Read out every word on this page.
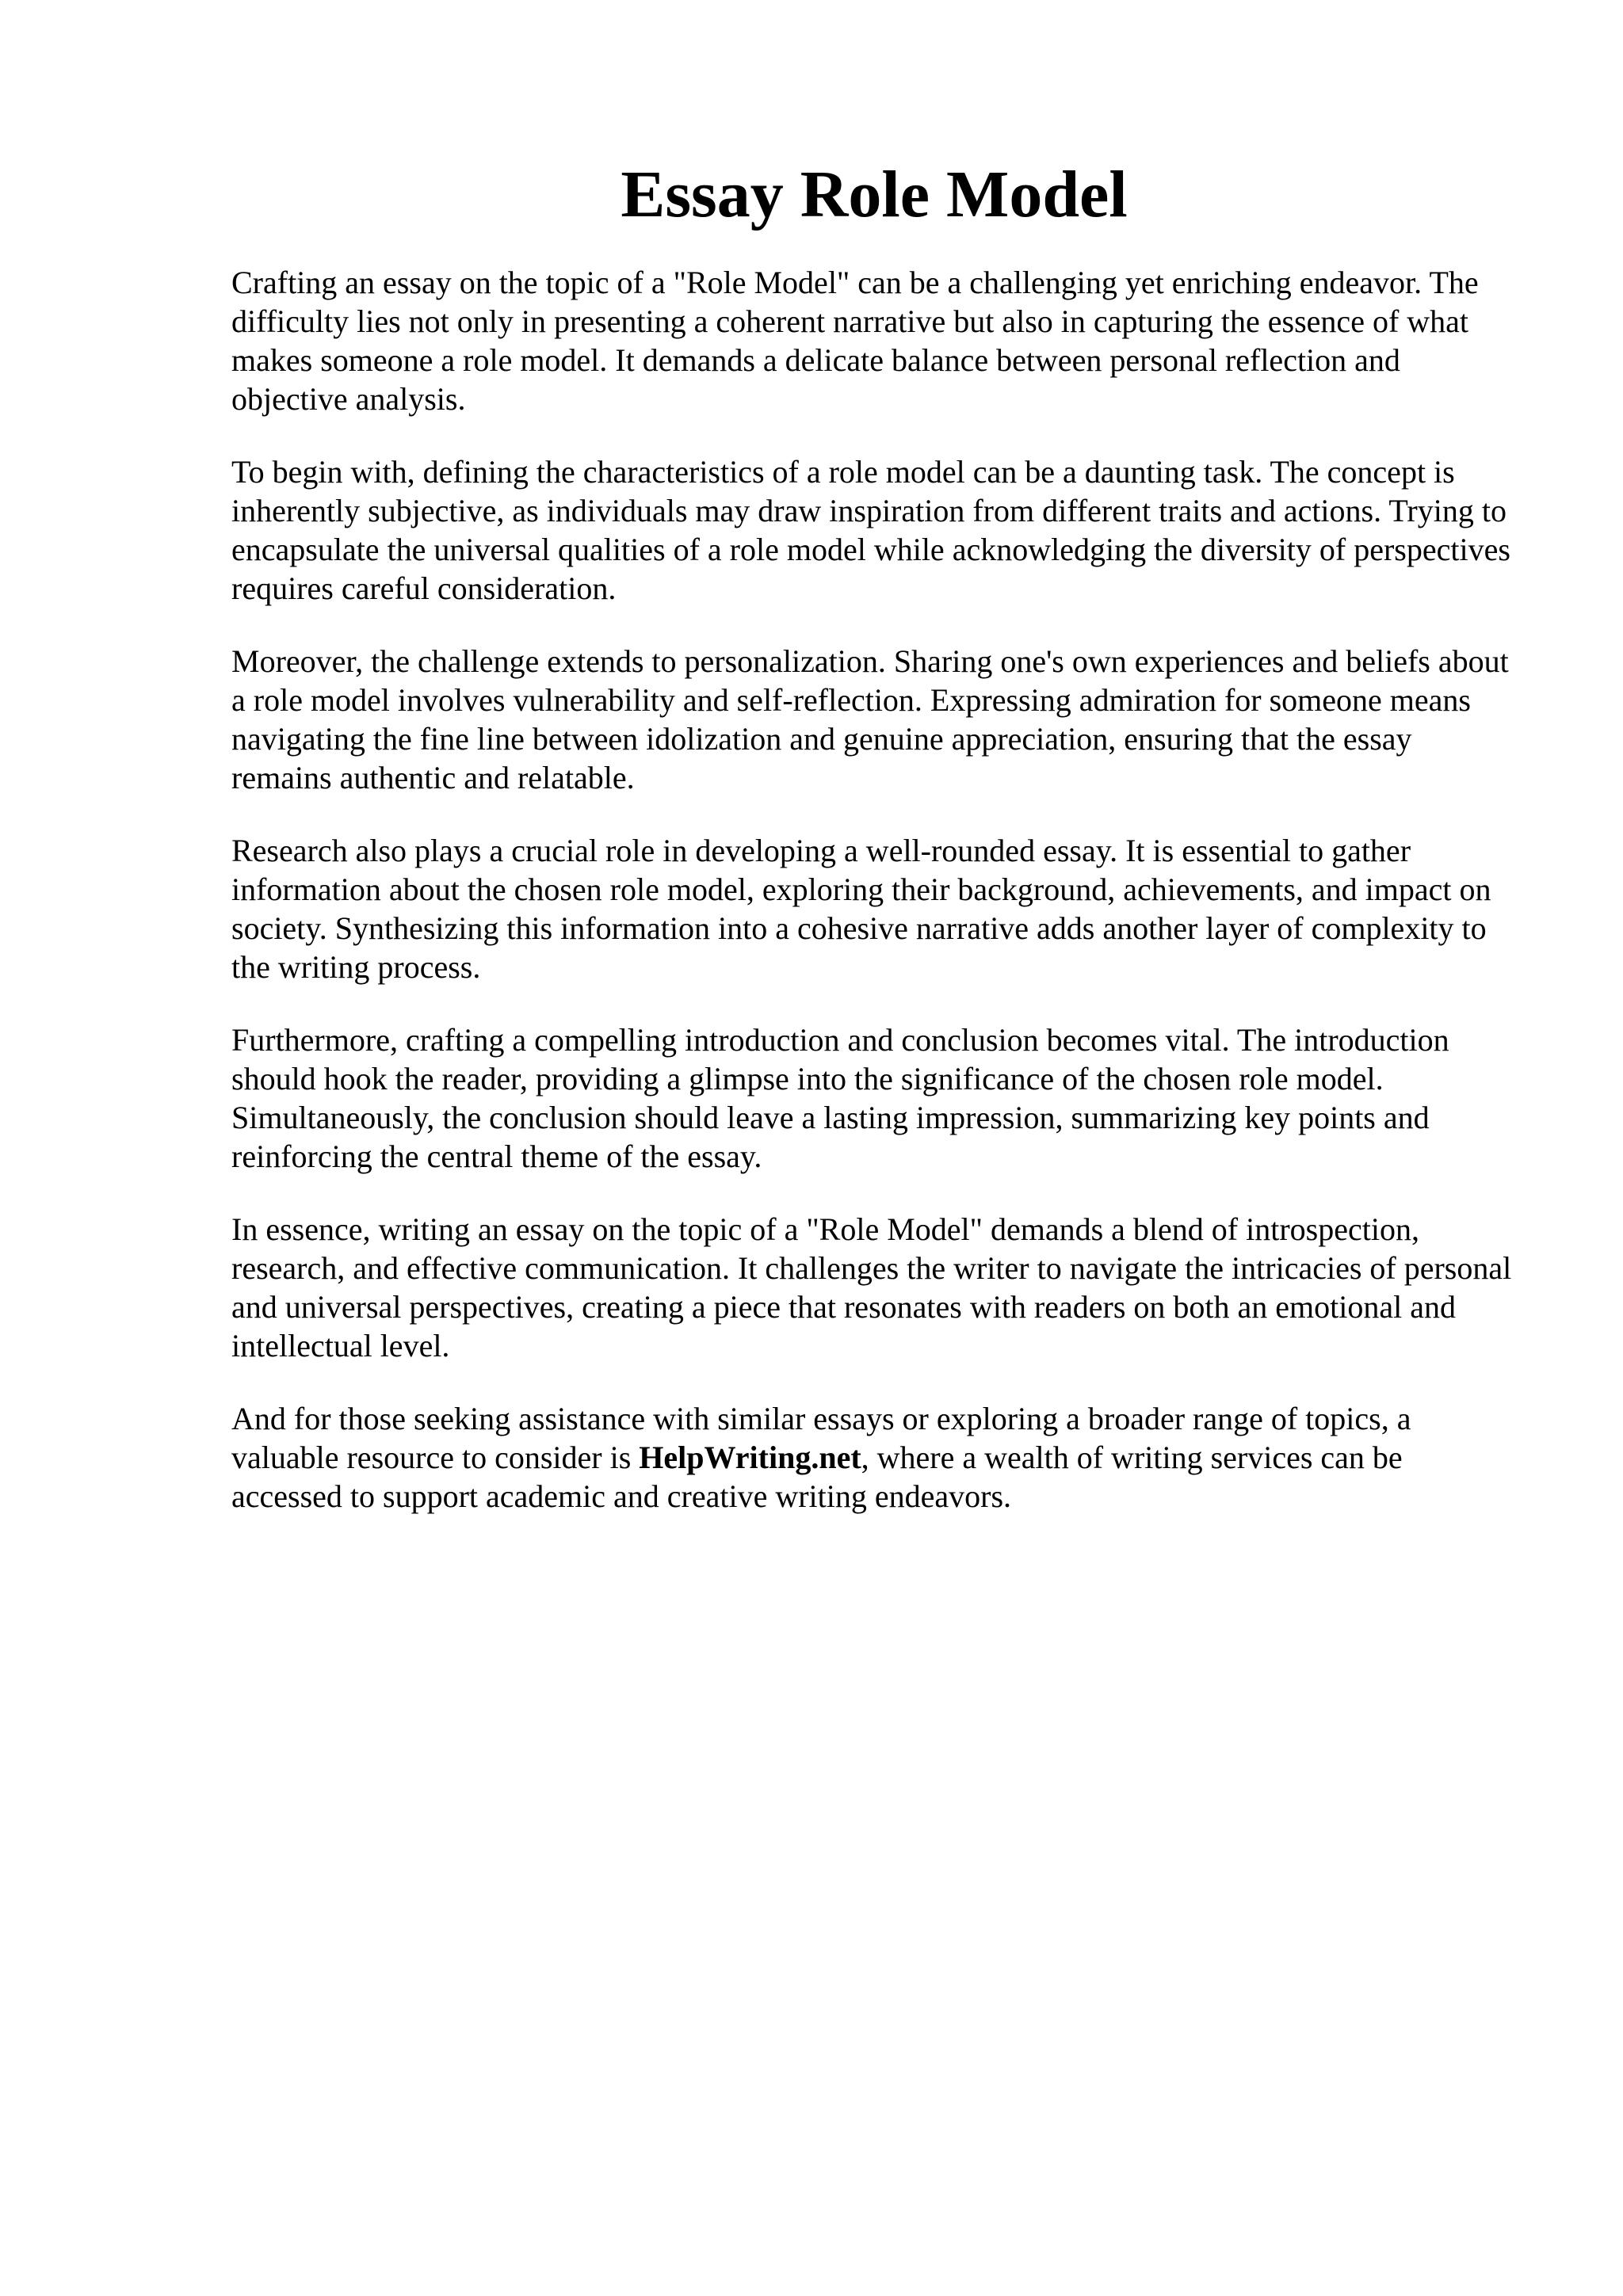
Essay Role Model

Crafting an essay on the topic of a "Role Model" can be a challenging yet enriching endeavor. The difficulty lies not only in presenting a coherent narrative but also in capturing the essence of what makes someone a role model. It demands a delicate balance between personal reflection and objective analysis.

To begin with, defining the characteristics of a role model can be a daunting task. The concept is inherently subjective, as individuals may draw inspiration from different traits and actions. Trying to encapsulate the universal qualities of a role model while acknowledging the diversity of perspectives requires careful consideration.

Moreover, the challenge extends to personalization. Sharing one's own experiences and beliefs about a role model involves vulnerability and self-reflection. Expressing admiration for someone means navigating the fine line between idolization and genuine appreciation, ensuring that the essay remains authentic and relatable.

Research also plays a crucial role in developing a well-rounded essay. It is essential to gather information about the chosen role model, exploring their background, achievements, and impact on society. Synthesizing this information into a cohesive narrative adds another layer of complexity to the writing process.

Furthermore, crafting a compelling introduction and conclusion becomes vital. The introduction should hook the reader, providing a glimpse into the significance of the chosen role model. Simultaneously, the conclusion should leave a lasting impression, summarizing key points and reinforcing the central theme of the essay.

In essence, writing an essay on the topic of a "Role Model" demands a blend of introspection, research, and effective communication. It challenges the writer to navigate the intricacies of personal and universal perspectives, creating a piece that resonates with readers on both an emotional and intellectual level.

And for those seeking assistance with similar essays or exploring a broader range of topics, a valuable resource to consider is HelpWriting.net, where a wealth of writing services can be accessed to support academic and creative writing endeavors.
